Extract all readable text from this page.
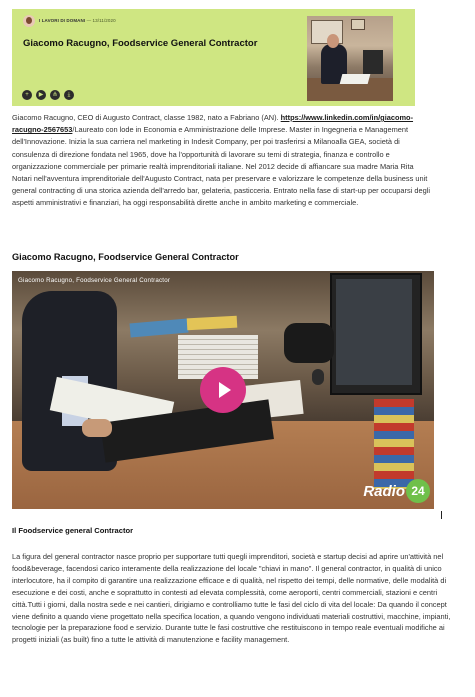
I LAVORI DI DOMANI — 13/11/2020
Giacomo Racugno, Foodservice General Contractor
+	▶	⋔	⤓
Giacomo Racugno, CEO di Augusto Contract, classe 1982, nato a Fabriano (AN). https://www.linkedin.com/in/giacomo-racugno-2567653/Laureato con lode in Economia e Amministrazione delle Imprese. Master in Ingegneria e Management dell'Innovazione. Inizia la sua carriera nel marketing in Indesit Company, per poi trasferirsi a Milanoalla GEA, società di consulenza di direzione fondata nel 1965, dove ha l'opportunità di lavorare su temi di strategia, finanza e controllo e organizzazione commerciale per primarie realtà imprenditoriali italiane. Nel 2012 decide di affiancare sua madre Maria Rita Notari nell'avventura imprenditoriale dell'Augusto Contract, nata per preservare e valorizzare le competenze della business unit general contracting di una storica azienda dell'arredo bar, gelateria, pasticceria. Entrato nella fase di start-up per occuparsi degli aspetti amministrativi e finanziari, ha oggi responsabilità dirette anche in ambito marketing e commerciale.
Giacomo Racugno, Foodservice General Contractor
Giacomo Racugno, Foodservice General Contractor
Radio 24
Il Foodservice general Contractor
La figura del general contractor nasce proprio per supportare tutti quegli imprenditori, società e startup decisi ad aprire un'attività nel food&beverage, facendosi carico interamente della realizzazione del locale "chiavi in mano". Il general contractor, in qualità di unico interlocutore, ha il compito di garantire una realizzazione efficace e di qualità, nel rispetto dei tempi, delle normative, delle modalità di esecuzione e dei costi, anche e soprattutto in contesti ad elevata complessità, come aeroporti, centri commerciali, stazioni e centri città.Tutti i giorni, dalla nostra sede e nei cantieri, dirigiamo e controlliamo tutte le fasi del ciclo di vita del locale: Da quando il concept viene definito a quando viene progettato nella specifica location, a quando vengono individuati materiali costruttivi, macchine, impianti, tecnologie per la preparazione food e servizio. Durante tutte le fasi costruttive che restituiscono in tempo reale eventuali modifiche ai progetti iniziali (as built) fino a tutte le attività di manutenzione e facility management.
